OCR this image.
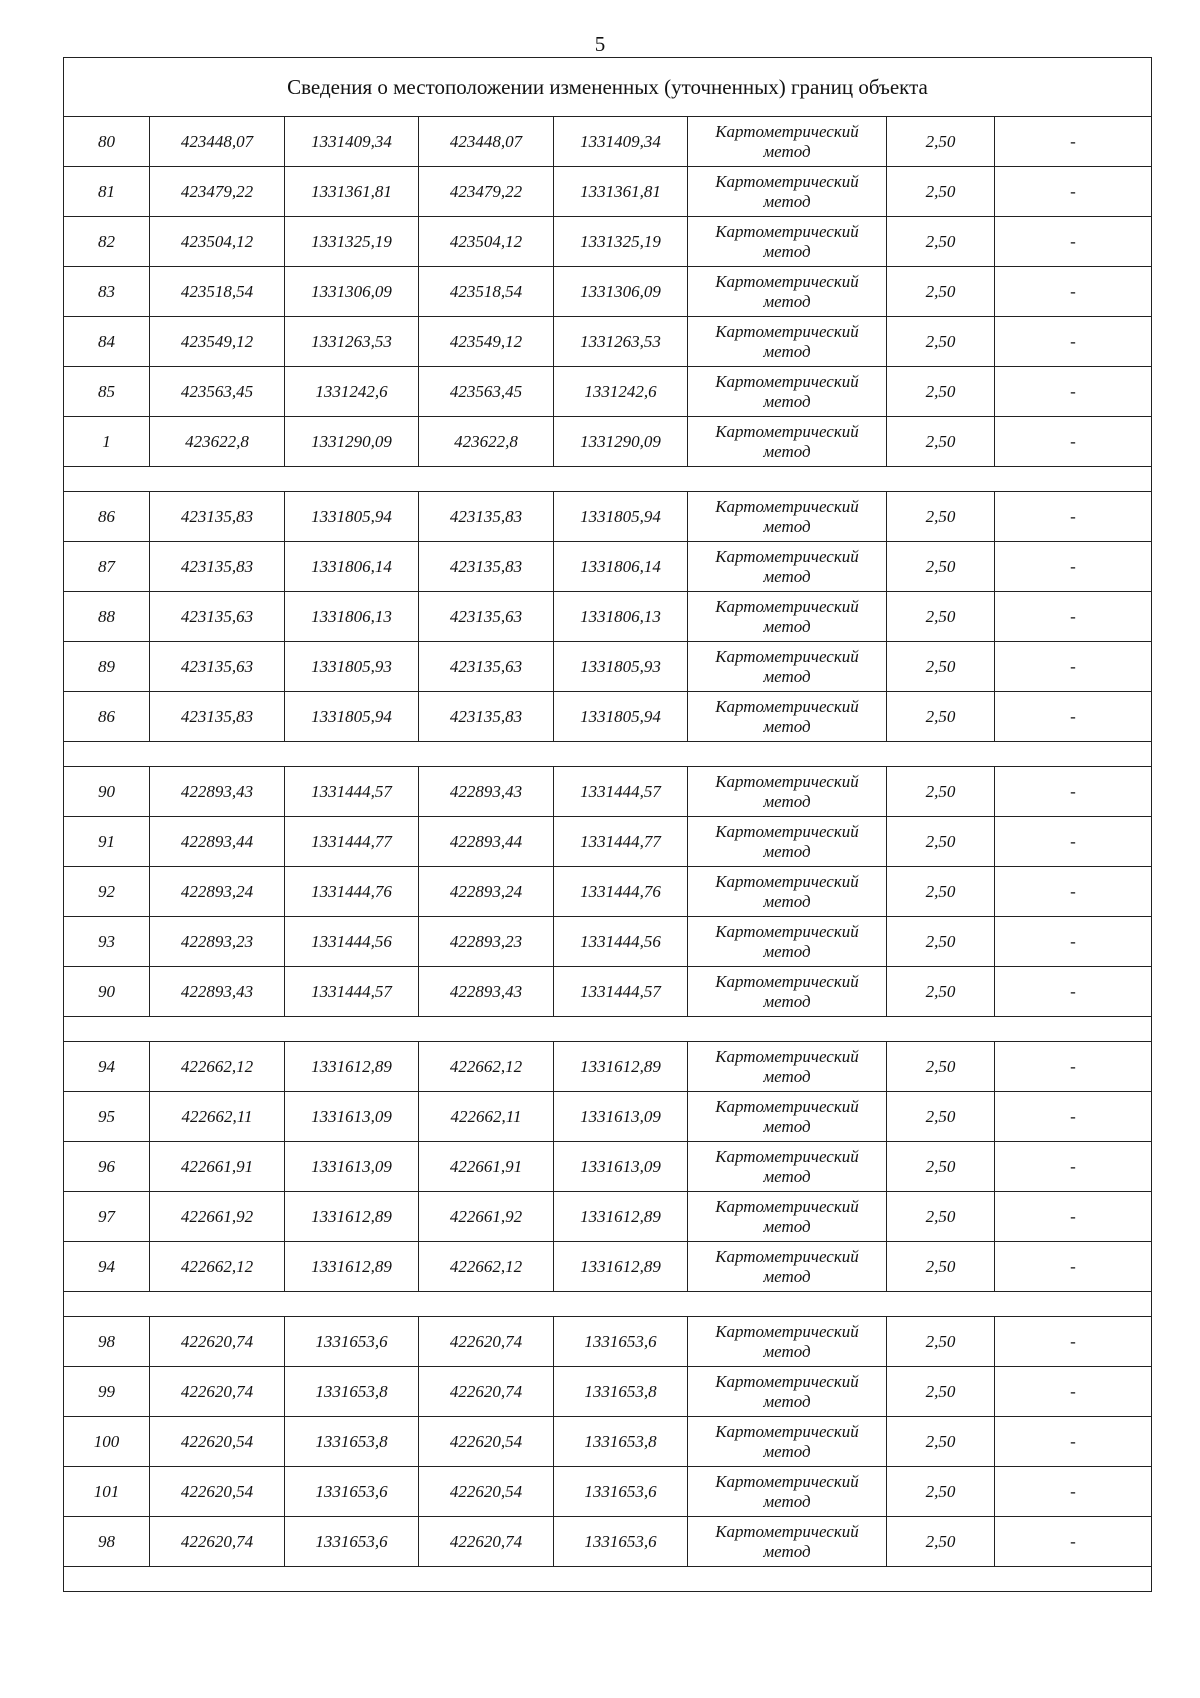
5
Сведения о местоположении измененных (уточненных) границ объекта							
80	423448,07	1331409,34	423448,07	1331409,34	Картометрический
метод	2,50	-
81	423479,22	1331361,81	423479,22	1331361,81	Картометрический
метод	2,50	-
82	423504,12	1331325,19	423504,12	1331325,19	Картометрический
метод	2,50	-
83	423518,54	1331306,09	423518,54	1331306,09	Картометрический
метод	2,50	-
84	423549,12	1331263,53	423549,12	1331263,53	Картометрический
метод	2,50	-
85	423563,45	1331242,6	423563,45	1331242,6	Картометрический
метод	2,50	-
1	423622,8	1331290,09	423622,8	1331290,09	Картометрический
метод	2,50	-

86	423135,83	1331805,94	423135,83	1331805,94	Картометрический
метод	2,50	-
87	423135,83	1331806,14	423135,83	1331806,14	Картометрический
метод	2,50	-
88	423135,63	1331806,13	423135,63	1331806,13	Картометрический
метод	2,50	-
89	423135,63	1331805,93	423135,63	1331805,93	Картометрический
метод	2,50	-
86	423135,83	1331805,94	423135,83	1331805,94	Картометрический
метод	2,50	-

90	422893,43	1331444,57	422893,43	1331444,57	Картометрический
метод	2,50	-
91	422893,44	1331444,77	422893,44	1331444,77	Картометрический
метод	2,50	-
92	422893,24	1331444,76	422893,24	1331444,76	Картометрический
метод	2,50	-
93	422893,23	1331444,56	422893,23	1331444,56	Картометрический
метод	2,50	-
90	422893,43	1331444,57	422893,43	1331444,57	Картометрический
метод	2,50	-

94	422662,12	1331612,89	422662,12	1331612,89	Картометрический
метод	2,50	-
95	422662,11	1331613,09	422662,11	1331613,09	Картометрический
метод	2,50	-
96	422661,91	1331613,09	422661,91	1331613,09	Картометрический
метод	2,50	-
97	422661,92	1331612,89	422661,92	1331612,89	Картометрический
метод	2,50	-
94	422662,12	1331612,89	422662,12	1331612,89	Картометрический
метод	2,50	-

98	422620,74	1331653,6	422620,74	1331653,6	Картометрический
метод	2,50	-
99	422620,74	1331653,8	422620,74	1331653,8	Картометрический
метод	2,50	-
100	422620,54	1331653,8	422620,54	1331653,8	Картометрический
метод	2,50	-
101	422620,54	1331653,6	422620,54	1331653,6	Картометрический
метод	2,50	-
98	422620,74	1331653,6	422620,74	1331653,6	Картометрический
метод	2,50	-
